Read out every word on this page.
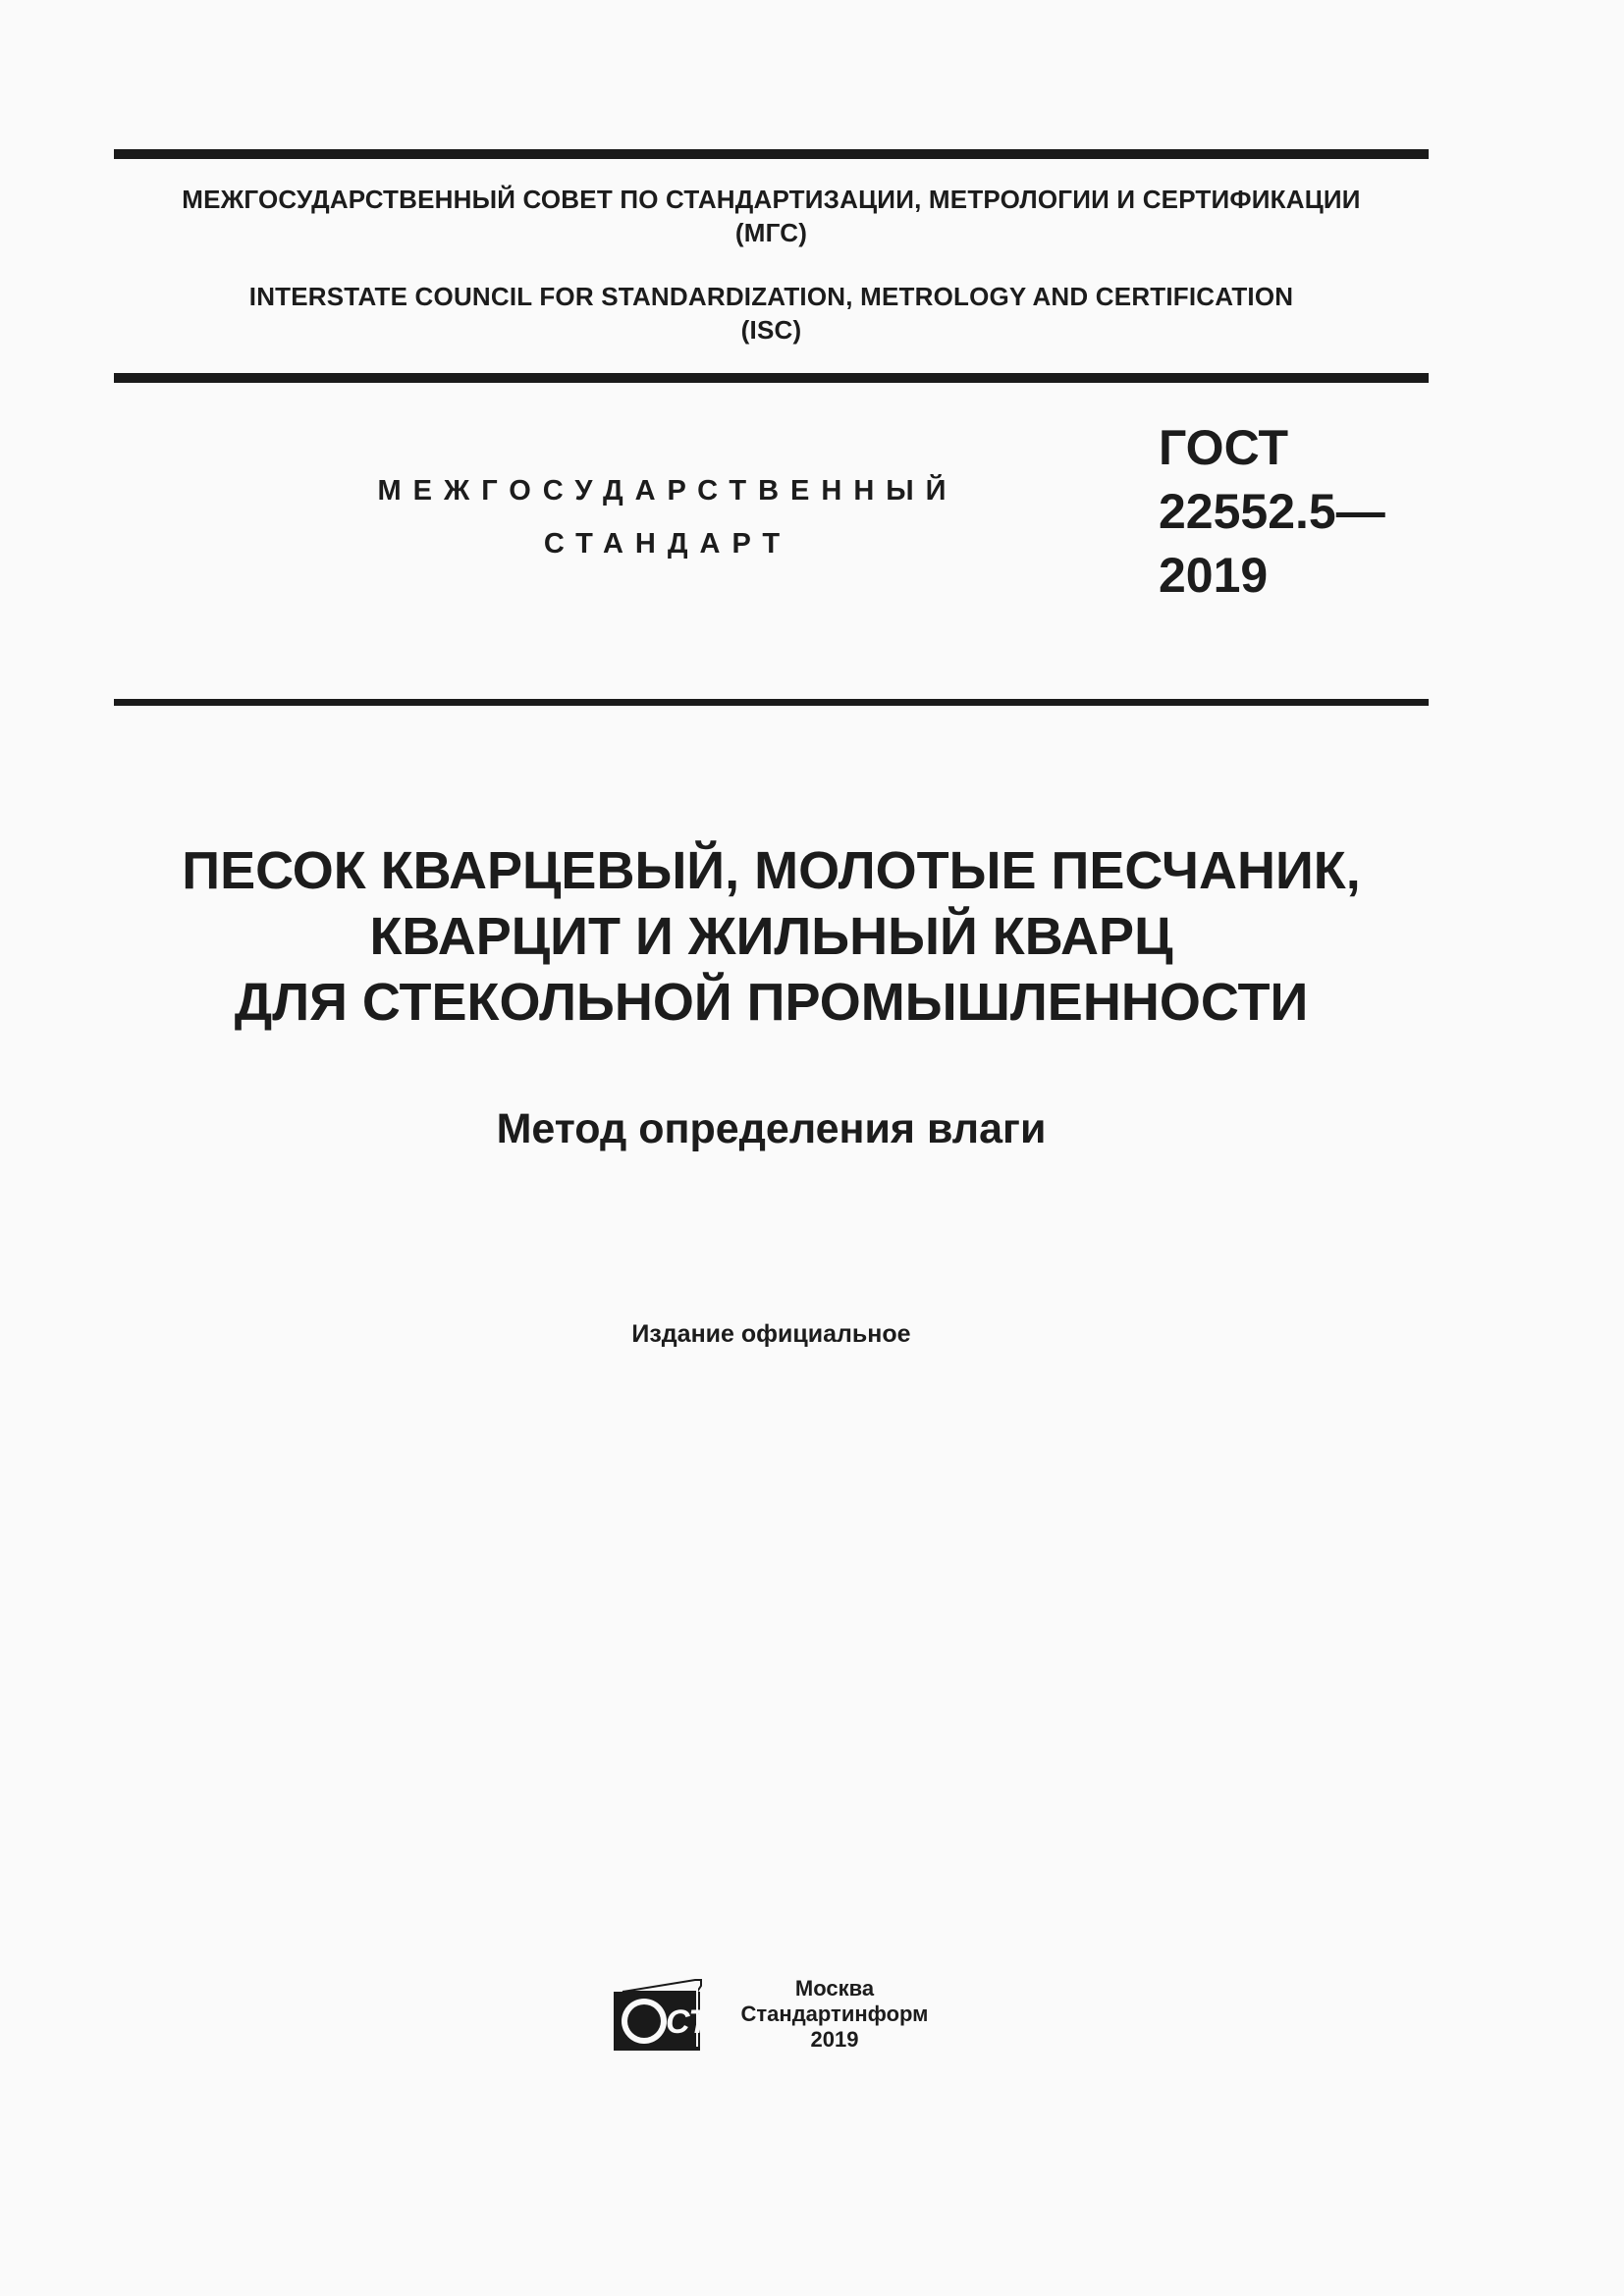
МЕЖГОСУДАРСТВЕННЫЙ СОВЕТ ПО СТАНДАРТИЗАЦИИ, МЕТРОЛОГИИ И СЕРТИФИКАЦИИ
(МГС)
INTERSTATE COUNCIL FOR STANDARDIZATION, METROLOGY AND CERTIFICATION
(ISC)
МЕЖГОСУДАРСТВЕННЫЙ
СТАНДАРТ
ГОСТ
22552.5—
2019
ПЕСОК КВАРЦЕВЫЙ, МОЛОТЫЕ ПЕСЧАНИК,
КВАРЦИТ И ЖИЛЬНЫЙ КВАРЦ
ДЛЯ СТЕКОЛЬНОЙ ПРОМЫШЛЕННОСТИ
Метод определения влаги
Издание официальное
СТИ
Москва
Стандартинформ
2019
